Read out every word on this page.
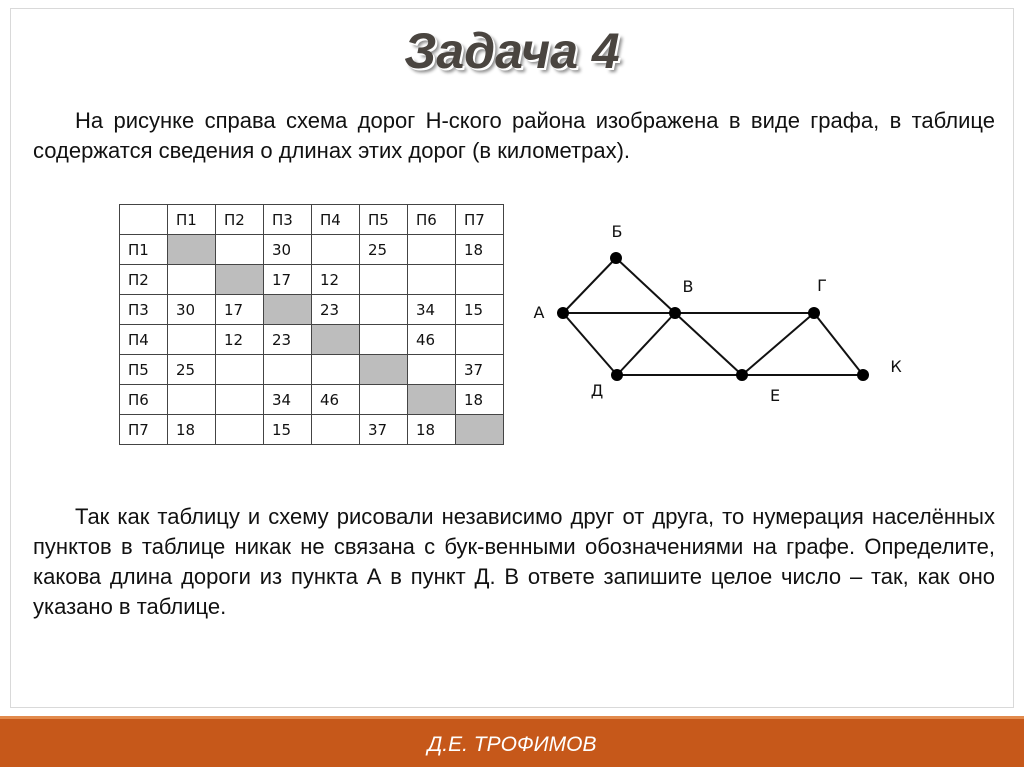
Задача 4

На рисунке справа схема дорог Н-ского района изображена в виде графа, в таблице содержатся сведения о длинах этих дорог (в километрах).

	П1	П2	П3	П4	П5	П6	П7
П1			30		25		18
П2			17	12			
П3	30	17		23		34	15
П4		12	23			46	
П5	25						37
П6			34	46			18
П7	18		15		37	18	
А
Б
В	Г
Д	Е
К

Так как таблицу и схему рисовали независимо друг от друга, то нумерация населённых пунктов в таблице никак не связана с бук-венными обозначениями на графе. Определите, какова длина дороги из пункта А в пункт Д. В ответе запишите целое число – так, как оно указано в таблице.

Д.Е. ТРОФИМОВ
